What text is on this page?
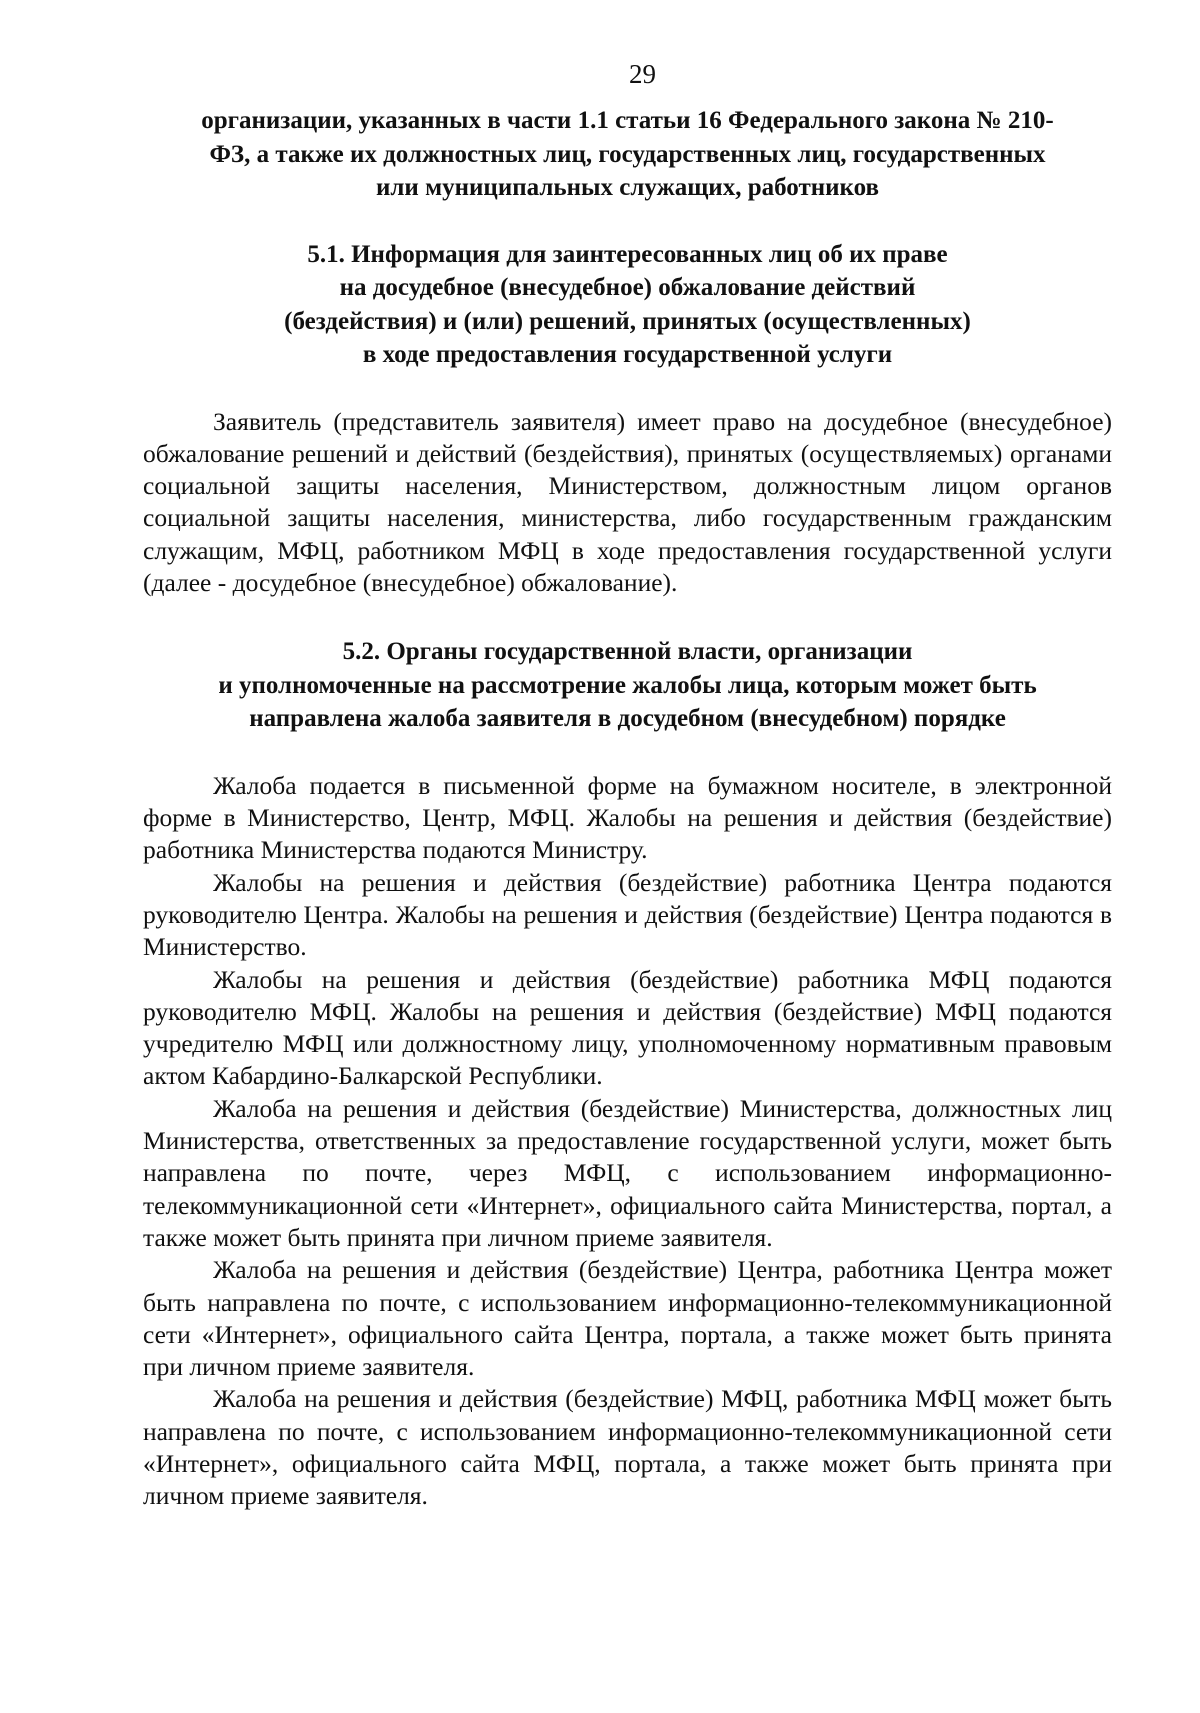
29
организации, указанных в части 1.1 статьи 16 Федерального закона № 210-
ФЗ, а также их должностных лиц, государственных лиц, государственных
или муниципальных служащих, работников
5.1. Информация для заинтересованных лиц об их праве
на досудебное (внесудебное) обжалование действий
(бездействия) и (или) решений, принятых (осуществленных)
в ходе предоставления государственной услуги

Заявитель (представитель заявителя) имеет право на досудебное (внесудебное) обжалование решений и действий (бездействия), принятых (осуществляемых) органами социальной защиты населения, Министерством, должностным лицом органов социальной защиты населения, министерства, либо государственным гражданским служащим, МФЦ, работником МФЦ в ходе предоставления государственной услуги (далее - досудебное (внесудебное) обжалование).

5.2. Органы государственной власти, организации
и уполномоченные на рассмотрение жалобы лица, которым может быть
направлена жалоба заявителя в досудебном (внесудебном) порядке

Жалоба подается в письменной форме на бумажном носителе, в электронной форме в Министерство, Центр, МФЦ. Жалобы на решения и действия (бездействие) работника Министерства подаются Министру.

Жалобы на решения и действия (бездействие) работника Центра подаются руководителю Центра. Жалобы на решения и действия (бездействие) Центра подаются в Министерство.

Жалобы на решения и действия (бездействие) работника МФЦ подаются руководителю МФЦ. Жалобы на решения и действия (бездействие) МФЦ подаются учредителю МФЦ или должностному лицу, уполномоченному нормативным правовым актом Кабардино-Балкарской Республики.

Жалоба на решения и действия (бездействие) Министерства, должностных лиц Министерства, ответственных за предоставление государственной услуги, может быть направлена по почте, через МФЦ, с использованием информационно-телекоммуникационной сети «Интернет», официального сайта Министерства, портал, а также может быть принята при личном приеме заявителя.

Жалоба на решения и действия (бездействие) Центра, работника Центра может быть направлена по почте, с использованием информационно-телекоммуникационной сети «Интернет», официального сайта Центра, портала, а также может быть принята при личном приеме заявителя.

Жалоба на решения и действия (бездействие) МФЦ, работника МФЦ может быть направлена по почте, с использованием информационно-телекоммуникационной сети «Интернет», официального сайта МФЦ, портала, а также может быть принята при личном приеме заявителя.
